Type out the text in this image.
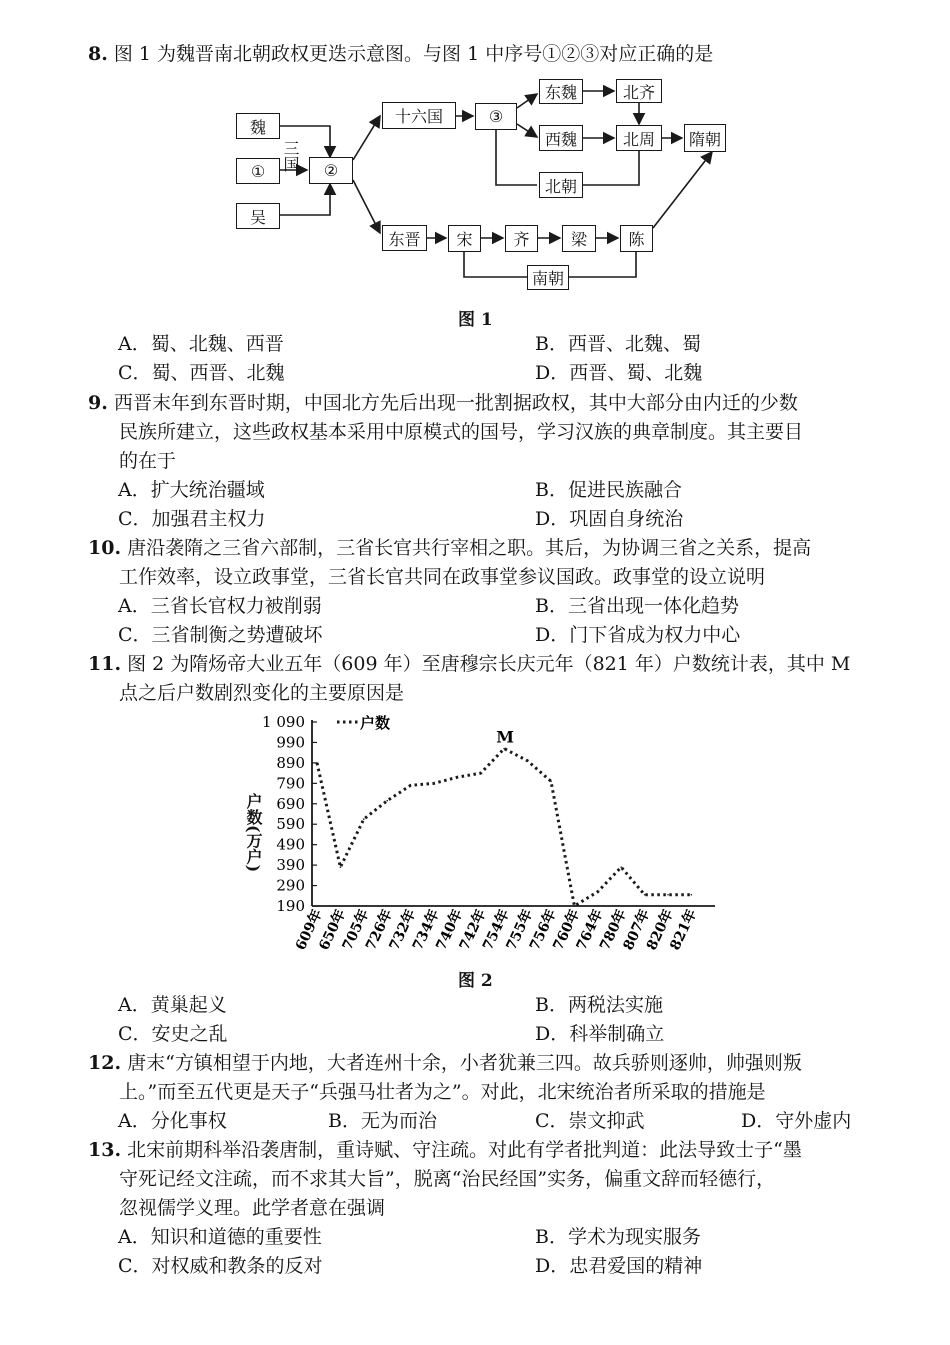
8. 图 1 为魏晋南北朝政权更迭示意图。与图 1 中序号①②③对应正确的是
魏
①
吴
三国	②
十六国	③
东魏
西魏
北齐
北周	隋朝
北朝
东晋	宋	齐	梁	陈
南朝
图 1
A．蜀、北魏、西晋	B．西晋、北魏、蜀
C．蜀、西晋、北魏	D．西晋、蜀、北魏
9. 西晋末年到东晋时期，中国北方先后出现一批割据政权，其中大部分由内迁的少数
民族所建立，这些政权基本采用中原模式的国号，学习汉族的典章制度。其主要目
的在于
A．扩大统治疆域	B．促进民族融合
C．加强君主权力	D．巩固自身统治
10. 唐沿袭隋之三省六部制，三省长官共行宰相之职。其后，为协调三省之关系，提高
工作效率，设立政事堂，三省长官共同在政事堂参议国政。政事堂的设立说明
A．三省长官权力被削弱	B．三省出现一体化趋势
C．三省制衡之势遭破坏	D．门下省成为权力中心
11. 图 2 为隋炀帝大业五年（609 年）至唐穆宗长庆元年（821 年）户数统计表，其中 M
点之后户数剧烈变化的主要原因是
1 090
990
890
790
690
590
490
390
290
190
609年
650年
705年
726年
732年
734年
740年
742年
754年
755年
756年
760年
764年
780年
807年
820年
821年
户数
M
户数(万户)
图 2
A．黄巢起义	B．两税法实施
C．安史之乱	D．科举制确立
12. 唐末“方镇相望于内地，大者连州十余，小者犹兼三四。故兵骄则逐帅，帅强则叛
上。”而至五代更是天子“兵强马壮者为之”。对此，北宋统治者所采取的措施是
A．分化事权	B．无为而治	C．崇文抑武	D．守外虚内
13. 北宋前期科举沿袭唐制，重诗赋、守注疏。对此有学者批判道：此法导致士子“墨
守死记经文注疏，而不求其大旨”，脱离“治民经国”实务，偏重文辞而轻德行，
忽视儒学义理。此学者意在强调
A．知识和道德的重要性	B．学术为现实服务
C．对权威和教条的反对	D．忠君爱国的精神
